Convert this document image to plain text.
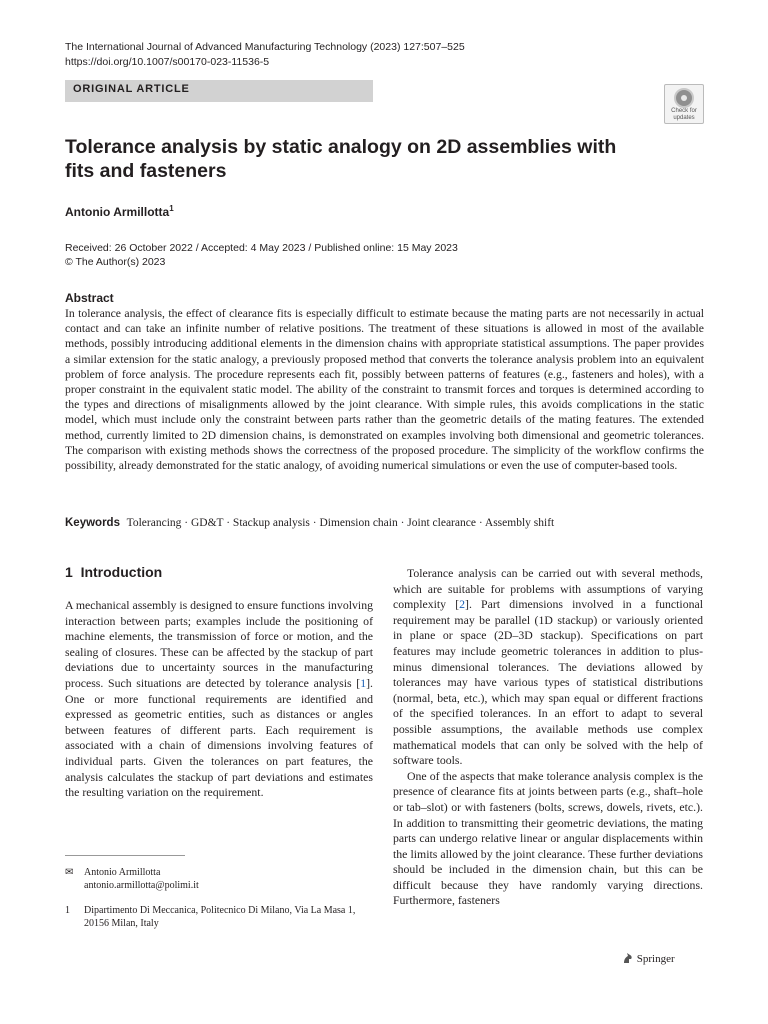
The International Journal of Advanced Manufacturing Technology (2023) 127:507–525
https://doi.org/10.1007/s00170-023-11536-5
ORIGINAL ARTICLE
Check for
updates
Tolerance analysis by static analogy on 2D assemblies with fits and fasteners
Antonio Armillotta$^1$
Received: 26 October 2022 / Accepted: 4 May 2023 / Published online: 15 May 2023
© The Author(s) 2023
Abstract

In tolerance analysis, the effect of clearance fits is especially difficult to estimate because the mating parts are not necessarily in actual contact and can take an infinite number of relative positions. The treatment of these situations is allowed in most of the available methods, possibly introducing additional elements in the dimension chains with appropriate statistical assumptions. The paper provides a similar extension for the static analogy, a previously proposed method that converts the tolerance analysis problem into an equivalent problem of force analysis. The procedure represents each fit, possibly between patterns of features (e.g., fasteners and holes), with a proper constraint in the equivalent static model. The ability of the constraint to transmit forces and torques is determined according to the types and directions of misalignments allowed by the joint clearance. With simple rules, this avoids complications in the static model, which must include only the constraint between parts rather than the geometric details of the mating features. The extended method, currently limited to 2D dimension chains, is demonstrated on examples involving both dimensional and geometric tolerances. The comparison with existing methods shows the correctness of the proposed procedure. The simplicity of the workflow confirms the possibility, already demonstrated for the static analogy, of avoiding numerical simulations or even the use of computer-based tools.

Keywords Tolerancing · GD&T · Stackup analysis · Dimension chain · Joint clearance · Assembly shift
1 Introduction

A mechanical assembly is designed to ensure functions involving interaction between parts; examples include the positioning of machine elements, the transmission of force or motion, and the sealing of closures. These can be affected by the stackup of part deviations due to uncertainty sources in the manufacturing process. Such situations are detected by tolerance analysis [1]. One or more functional requirements are identified and expressed as geometric entities, such as distances or angles between features of different parts. Each requirement is associated with a chain of dimensions involving features of individual parts. Given the tolerances on part features, the analysis calculates the stackup of part deviations and estimates the resulting variation on the requirement.

Tolerance analysis can be carried out with several methods, which are suitable for problems with assumptions of varying complexity [2]. Part dimensions involved in a functional requirement may be parallel (1D stackup) or variously oriented in plane or space (2D–3D stackup). Specifications on part features may include geometric tolerances in addition to plus-minus dimensional tolerances. The deviations allowed by tolerances may have various types of statistical distributions (normal, beta, etc.), which may span equal or different fractions of the specified tolerances. In an effort to adapt to several possible assumptions, the available methods use complex mathematical models that can only be solved with the help of software tools.

One of the aspects that make tolerance analysis complex is the presence of clearance fits at joints between parts (e.g., shaft–hole or tab–slot) or with fasteners (bolts, screws, dowels, rivets, etc.). In addition to transmitting their geometric deviations, the mating parts can undergo relative linear or angular displacements within the limits allowed by the joint clearance. These further deviations should be included in the dimension chain, but this can be difficult because they have randomly varying directions. Furthermore, fasteners

✉	Antonio Armillotta
antonio.armillotta@polimi.it
1	Dipartimento Di Meccanica, Politecnico Di Milano, Via La Masa 1, 20156 Milan, Italy
Springer
